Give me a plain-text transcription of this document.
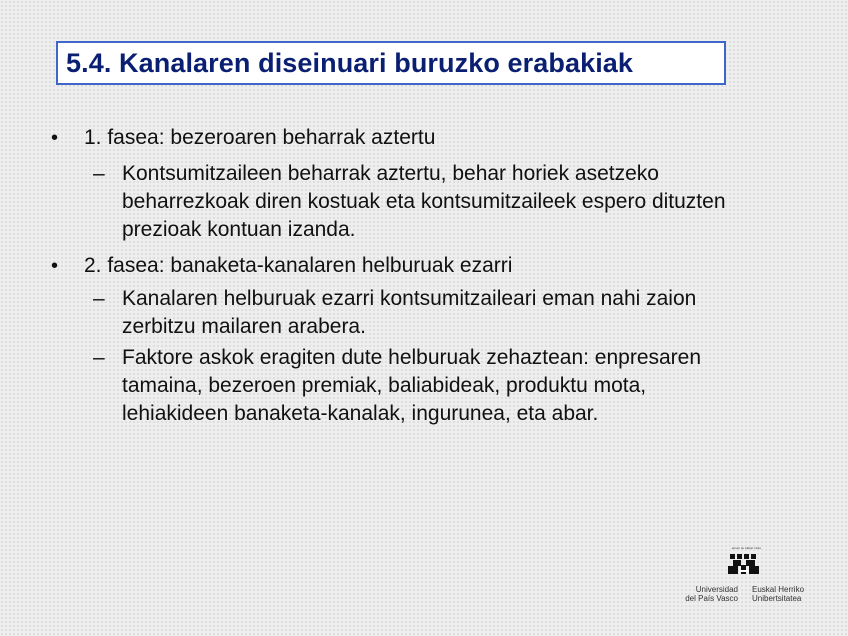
5.4. Kanalaren diseinuari buruzko erabakiak
• 1. fasea: bezeroaren beharrak aztertu
– Kontsumitzaileen beharrak aztertu, behar horiek asetzeko beharrezkoak diren kostuak eta kontsumitzaileek espero dituzten prezioak kontuan izanda.
• 2. fasea: banaketa-kanalaren helburuak ezarri
– Kanalaren helburuak ezarri kontsumitzaileari eman nahi zaion zerbitzu mailaren arabera.
– Faktore askok eragiten dute helburuak zehaztean: enpresaren tamaina, bezeroen premiak, baliabideak, produktu mota, lehiakideen banaketa-kanalak, ingurunea, eta abar.
eman ta zabal zazu
Universidad
del País Vasco
Euskal Herriko
Unibertsitatea
